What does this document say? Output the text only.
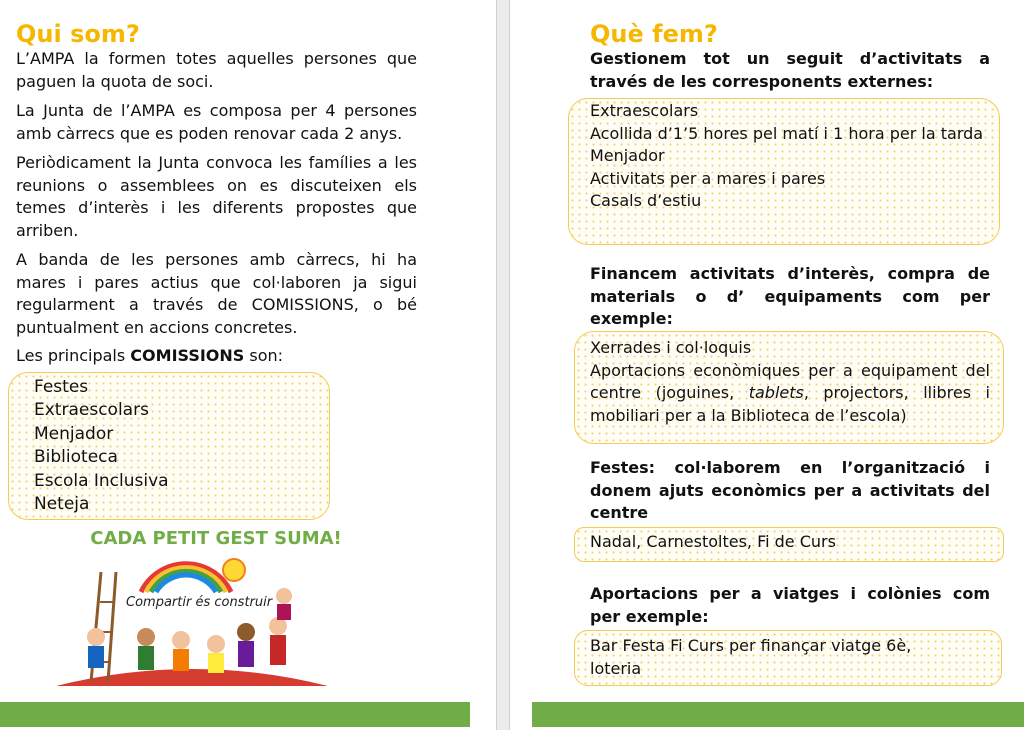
Qui som?

L’AMPA la formen totes aquelles persones que paguen la quota de soci.

La Junta de l’AMPA es composa per 4 persones amb càrrecs que es poden renovar cada 2 anys.

Periòdicament la Junta convoca les famílies a les reunions o assemblees on es discuteixen els temes d’interès i les diferents propostes que arriben.

A banda de les persones amb càrrecs, hi ha mares i pares actius que col·laboren ja sigui regularment a través de COMISSIONS, o bé puntualment en accions concretes.

Les principals COMISSIONS son:

Festes
Extraescolars
Menjador
Biblioteca
Escola Inclusiva
Neteja

CADA PETIT GEST SUMA!

Compartir és construir
Què fem?

Gestionem tot un seguit d’activitats a través de les corresponents externes:

Extraescolars
Acollida d’1’5 hores pel matí i 1 hora per la tarda
Menjador
Activitats per a mares i pares
Casals d’estiu

Financem activitats d’interès, compra de materials o d’ equipaments com per exemple:

Xerrades i col·loquis
Aportacions econòmiques per a equipament del centre (joguines, tablets, projectors, llibres i mobiliari per a la Biblioteca de l’escola)

Festes: col·laborem en l’organització i donem ajuts econòmics per a activitats del centre

Nadal, Carnestoltes, Fi de Curs

Aportacions per a viatges i colònies com per exemple:

Bar Festa Fi Curs per finançar viatge 6è, loteria
